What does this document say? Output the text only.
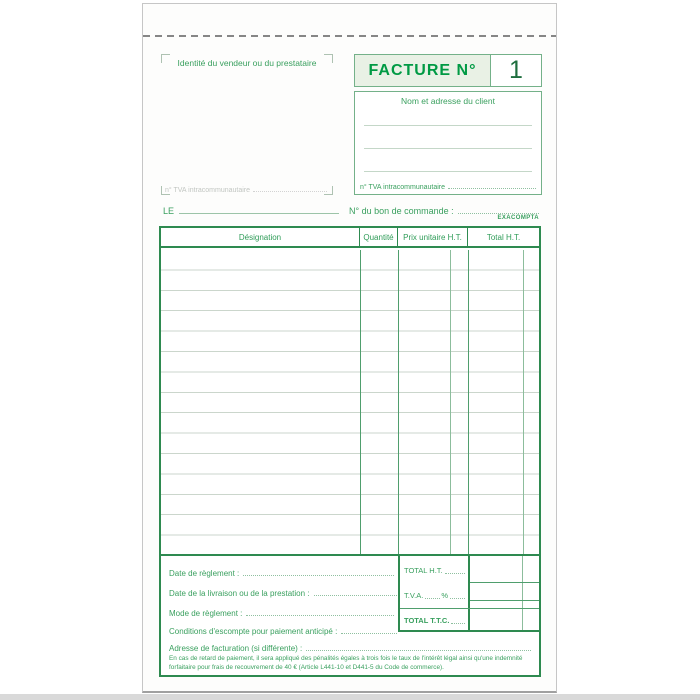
Identité du vendeur ou du prestataire
n° TVA intracommunautaire
FACTURE N°	1
Nom et adresse du client
n° TVA intracommunautaire
LE	N° du bon de commande :
EXACOMPTA
Désignation	Quantité	Prix unitaire H.T.	Total H.T.
Date de règlement :
Date de la livraison ou de la prestation :
Mode de règlement :
Conditions d'escompte pour paiement anticipé :
Adresse de facturation (si différente) :
En cas de retard de paiement, il sera appliqué des pénalités égales à trois fois le taux de l'intérêt légal ainsi qu'une indemnité
forfaitaire pour frais de recouvrement de 40 € (Article L441-10 et D441-5 du Code de commerce).
TOTAL H.T.
T.V.A. %
TOTAL T.T.C.
